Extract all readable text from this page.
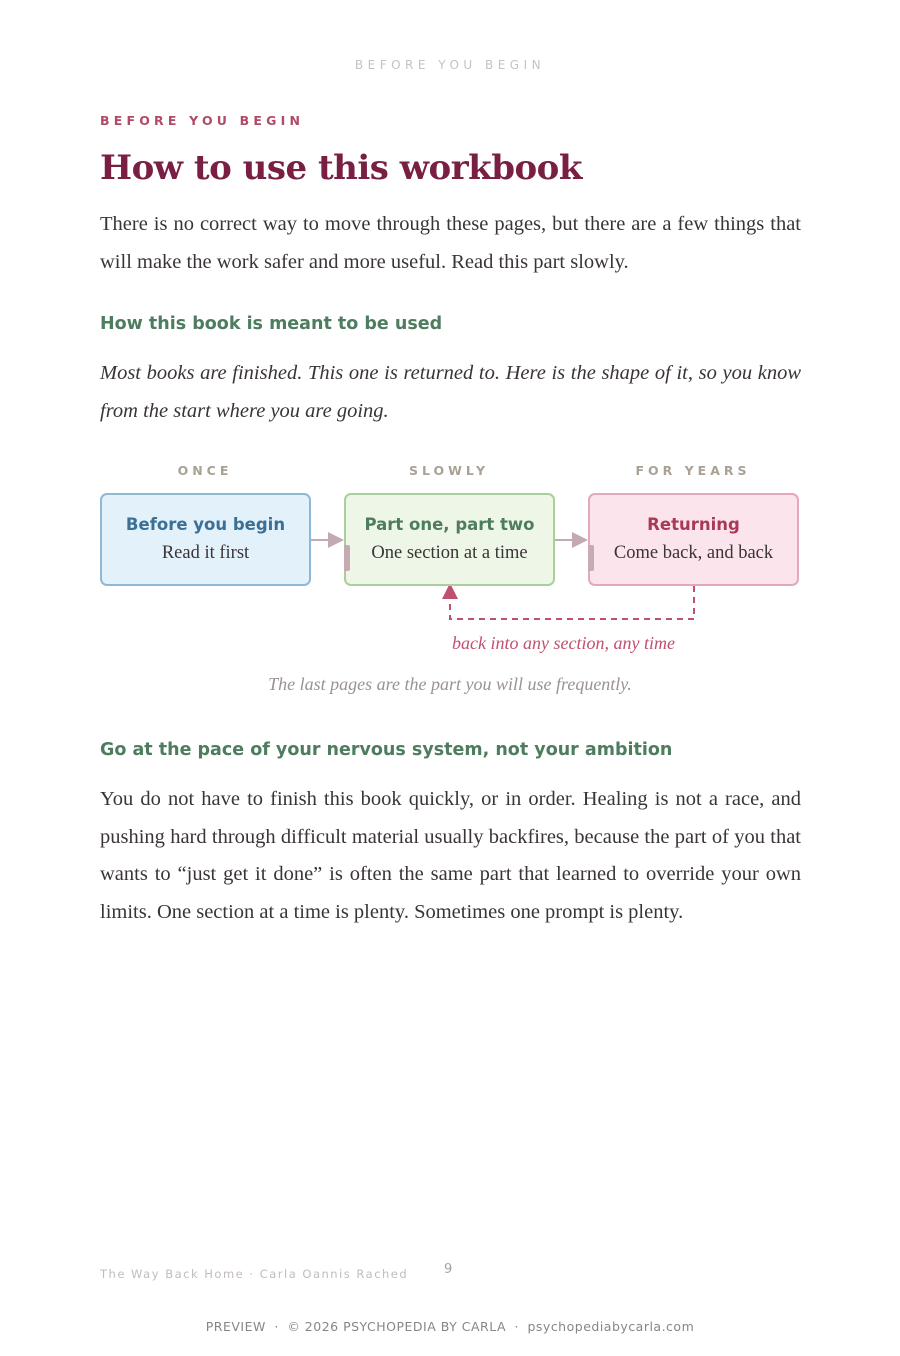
BEFORE YOU BEGIN
BEFORE YOU BEGIN
How to use this workbook

There is no correct way to move through these pages, but there are a few things that will make the work safer and more useful. Read this part slowly.

How this book is meant to be used

Most books are finished. This one is returned to. Here is the shape of it, so you know from the start where you are going.

Go at the pace of your nervous system, not your ambition

You do not have to finish this book quickly, or in order. Healing is not a race, and pushing hard through difficult material usually backfires, because the part of you that wants to “just get it done” is often the same part that learned to override your own limits. One section at a time is plenty. Sometimes one prompt is plenty.

ONCE	SLOWLY	FOR YEARS
Before you begin
Read it first
Part one, part two
One section at a time
Returning
Come back, and back
back into any section, any time
The last pages are the part you will use frequently.
The Way Back Home · Carla Oannis Rached	9
PREVIEW · © 2026 PSYCHOPEDIA BY CARLA · psychopediabycarla.com
